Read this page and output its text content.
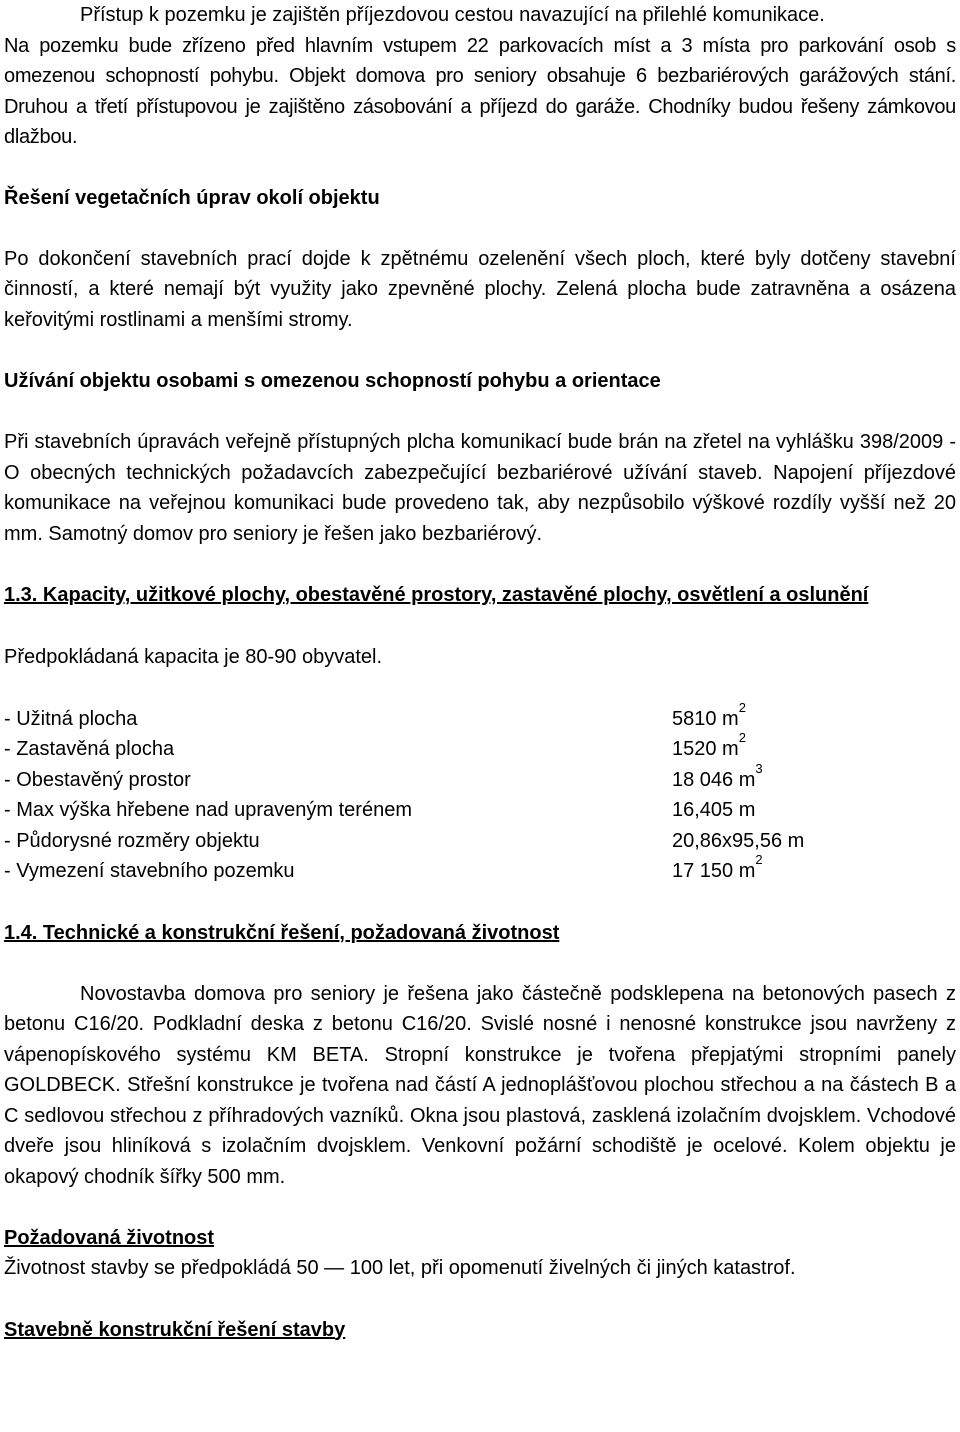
Přístup k pozemku je zajištěn příjezdovou cestou navazující na přilehlé komunikace.
Na pozemku bude zřízeno před hlavním vstupem 22 parkovacích míst a 3 místa pro parkování osob s omezenou schopností pohybu. Objekt domova pro seniory obsahuje 6 bezbariérových garážových stání. Druhou a třetí přístupovou je zajištěno zásobování a příjezd do garáže. Chodníky budou řešeny zámkovou dlažbou.

Řešení vegetačních úprav okolí objektu

Po dokončení stavebních prací dojde k zpětnému ozelenění všech ploch, které byly dotčeny stavební činností, a které nemají být využity jako zpevněné plochy. Zelená plocha bude zatravněna a osázena keřovitými rostlinami a menšími stromy.

Užívání objektu osobami s omezenou schopností pohybu a orientace

Při stavebních úpravách veřejně přístupných plcha komunikací bude brán na zřetel na vyhlášku 398/2009 - O obecných technických požadavcích zabezpečující bezbariérové užívání staveb. Napojení příjezdové komunikace na veřejnou komunikaci bude provedeno tak, aby nezpůsobilo výškové rozdíly vyšší než 20 mm. Samotný domov pro seniory je řešen jako bezbariérový.

1.3. Kapacity, užitkové plochy, obestavěné prostory, zastavěné plochy, osvětlení a oslunění

Předpokládaná kapacita je 80-90 obyvatel.

- Užitná plocha	5810 $m^2$
- Zastavěná plocha	1520 $m^2$
- Obestavěný prostor	18 046 $m^3$
- Max výška hřebene nad upraveným terénem	16,405 m
- Půdorysné rozměry objektu	20,86x95,56 m
- Vymezení stavebního pozemku	17 150 $m^2$

1.4. Technické a konstrukční řešení, požadovaná životnost

Novostavba domova pro seniory je řešena jako částečně podsklepena na betonových pasech z betonu C16/20. Podkladní deska z betonu C16/20. Svislé nosné i nenosné konstrukce jsou navrženy z vápenopískového systému KM BETA. Stropní konstrukce je tvořena přepjatými stropními panely GOLDBECK. Střešní konstrukce je tvořena nad částí A jednoplášťovou plochou střechou a na částech B a C sedlovou střechou z příhradových vazníků. Okna jsou plastová, zasklená izolačním dvojsklem. Vchodové dveře jsou hliníková s izolačním dvojsklem. Venkovní požární schodiště je ocelové. Kolem objektu je okapový chodník šířky 500 mm.

Požadovaná životnost

Životnost stavby se předpokládá 50 — 100 let, při opomenutí živelných či jiných katastrof.

Stavebně konstrukční řešení stavby
